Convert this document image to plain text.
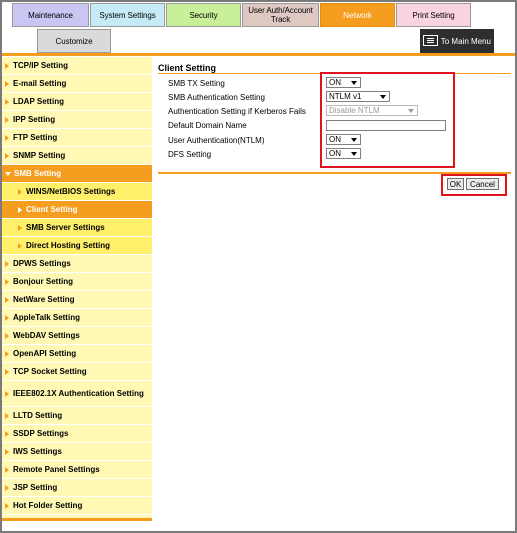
Maintenance	System Settings	Security	User Auth/Account Track	Network	Print Setting
Customize	To Main Menu
TCP/IP Setting
E-mail Setting
LDAP Setting
IPP Setting
FTP Setting
SNMP Setting
SMB Setting
WINS/NetBIOS Settings
Client Setting
SMB Server Settings
Direct Hosting Setting
DPWS Settings
Bonjour Setting
NetWare Setting
AppleTalk Setting
WebDAV Settings
OpenAPI Setting
TCP Socket Setting
IEEE802.1X Authentication Setting
LLTD Setting
SSDP Settings
IWS Settings
Remote Panel Settings
JSP Setting
Hot Folder Setting
Client Setting
SMB TX Setting	ON
SMB Authentication Setting	NTLM v1
Authentication Setting if Kerberos Fails	Disable NTLM
Default Domain Name
User Authentication(NTLM)	ON
DFS Setting	ON
OK	Cancel
